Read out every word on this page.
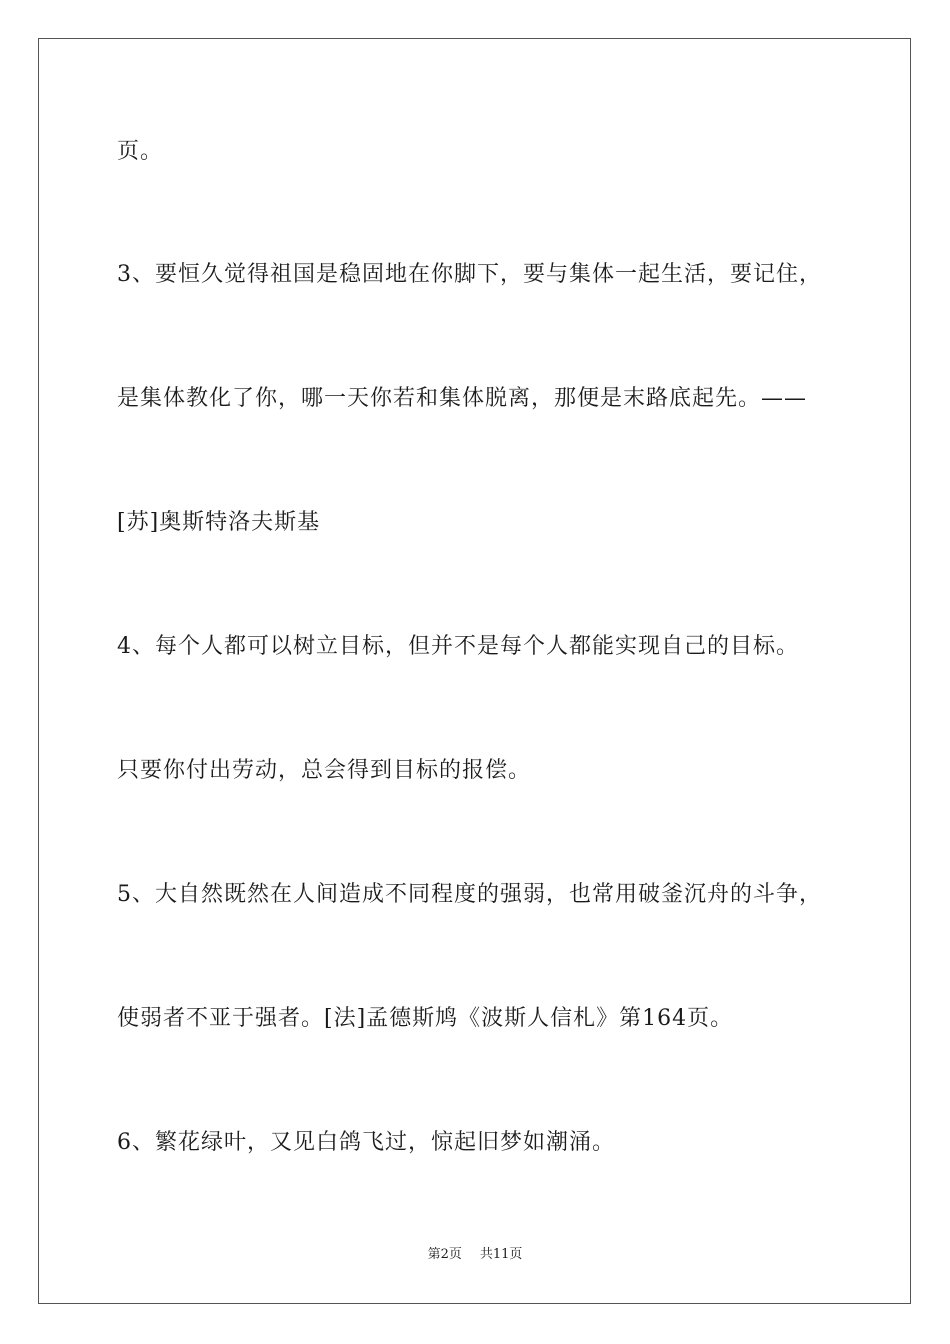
页。
3、要恒久觉得祖国是稳固地在你脚下，要与集体一起生活，要记住，
是集体教化了你，哪一天你若和集体脱离，那便是末路底起先。——
[苏]奥斯特洛夫斯基
4、每个人都可以树立目标，但并不是每个人都能实现自己的目标。
只要你付出劳动，总会得到目标的报偿。
5、大自然既然在人间造成不同程度的强弱，也常用破釜沉舟的斗争，
使弱者不亚于强者。[法]孟德斯鸠《波斯人信札》第164页。
6、繁花绿叶，又见白鸽飞过，惊起旧梦如潮涌。
第2页 共11页
